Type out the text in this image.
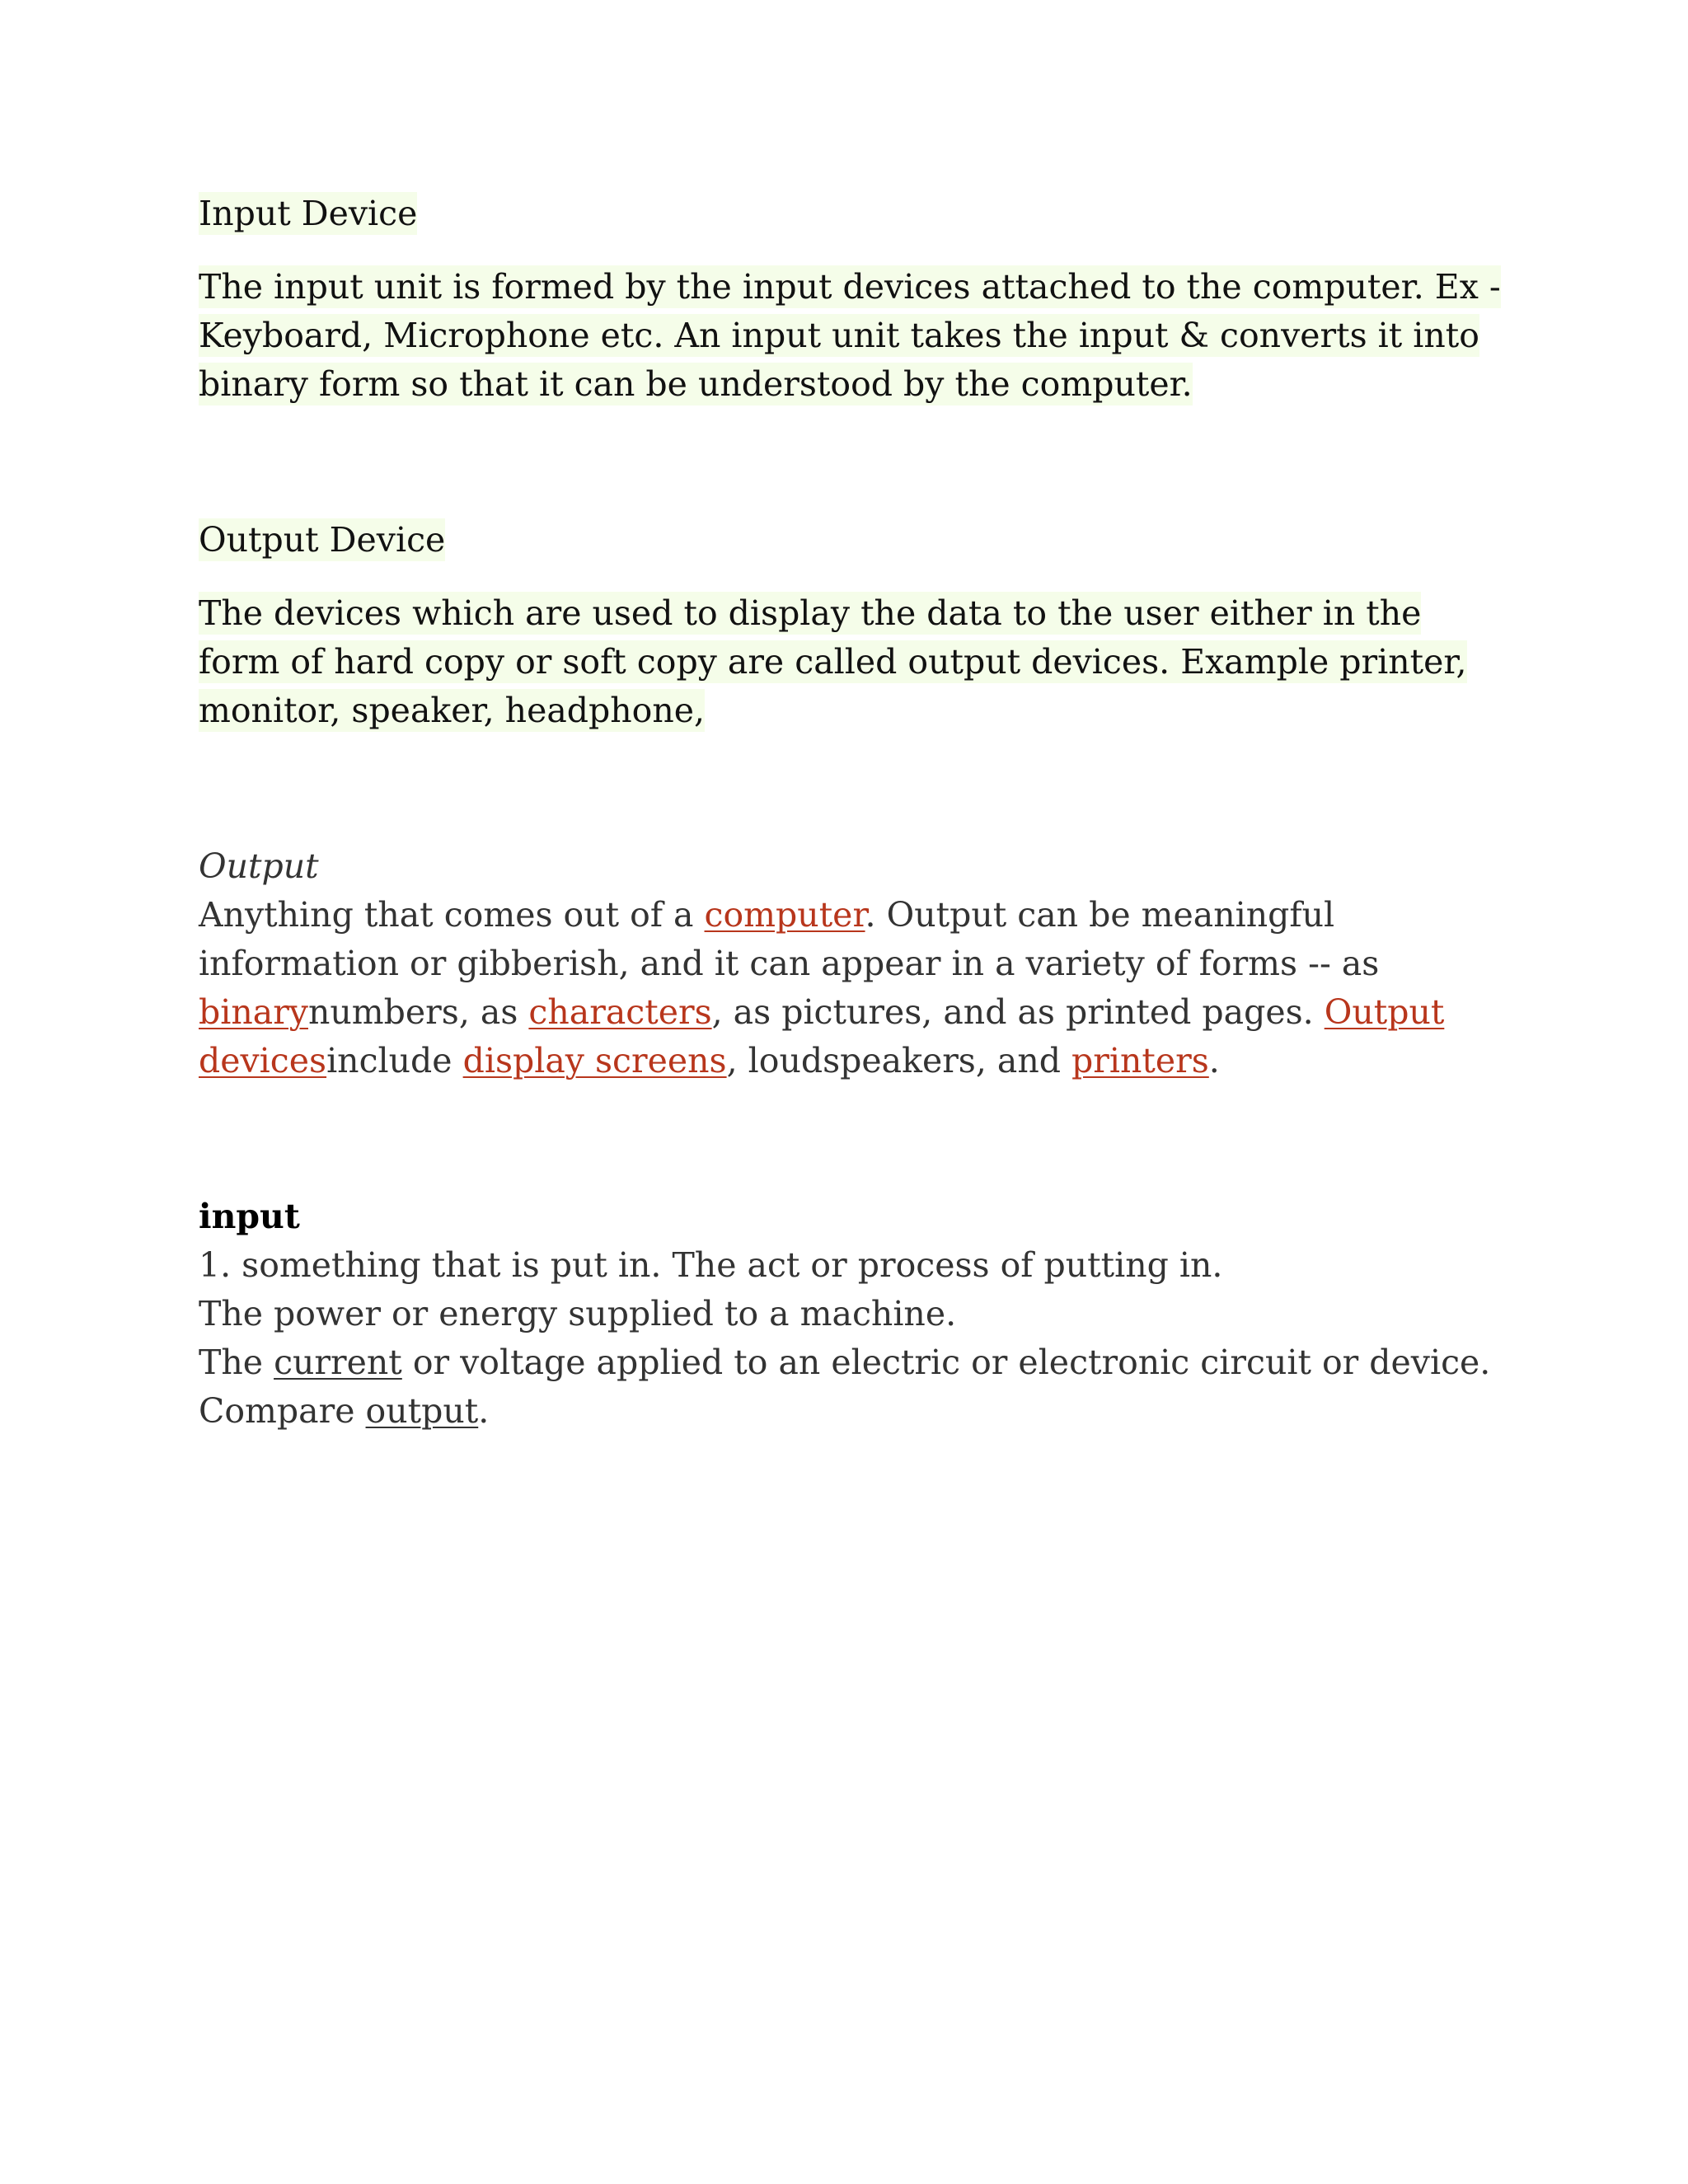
Input Device

The input unit is formed by the input devices attached to the computer. Ex - Keyboard, Microphone etc. An input unit takes the input & converts it into binary form so that it can be understood by the computer.

Output Device

The devices which are used to display the data to the user either in the form of hard copy or soft copy are called output devices. Example printer, monitor, speaker, headphone,

Output

Anything that comes out of a computer. Output can be meaningful information or gibberish, and it can appear in a variety of forms -- as binarynumbers, as characters, as pictures, and as printed pages. Output devicesinclude display screens, loudspeakers, and printers.

input

1. something that is put in. The act or process of putting in.

The power or energy supplied to a machine.

The current or voltage applied to an electric or electronic circuit or device. Compare output.
